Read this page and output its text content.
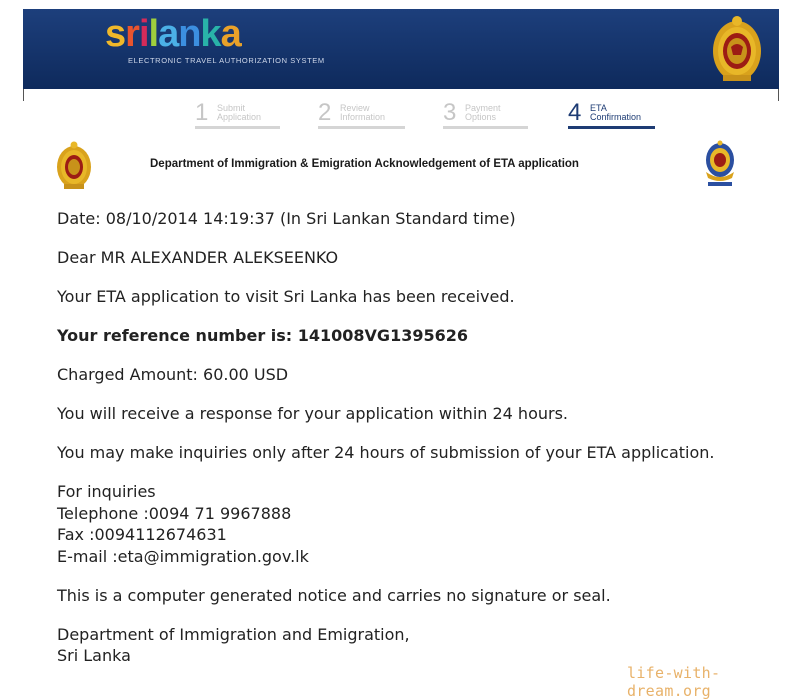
srilanka
ELECTRONIC TRAVEL AUTHORIZATION SYSTEM
1 Submit
Application 2 Review
Information 3 Payment
Options	4 ETA
Confirmation
Department of Immigration & Emigration Acknowledgement of ETA application

Date: 08/10/2014 14:19:37 (In Sri Lankan Standard time)

Dear MR ALEXANDER ALEKSEENKO

Your ETA application to visit Sri Lanka has been received.

Your reference number is: 141008VG1395626

Charged Amount: 60.00 USD

You will receive a response for your application within 24 hours.

You may make inquiries only after 24 hours of submission of your ETA application.

For inquiries

Telephone :0094 71 9967888

Fax :0094112674631

E-mail :eta@immigration.gov.lk

This is a computer generated notice and carries no signature or seal.

Department of Immigration and Emigration,

Sri Lanka

life-with-dream.org
